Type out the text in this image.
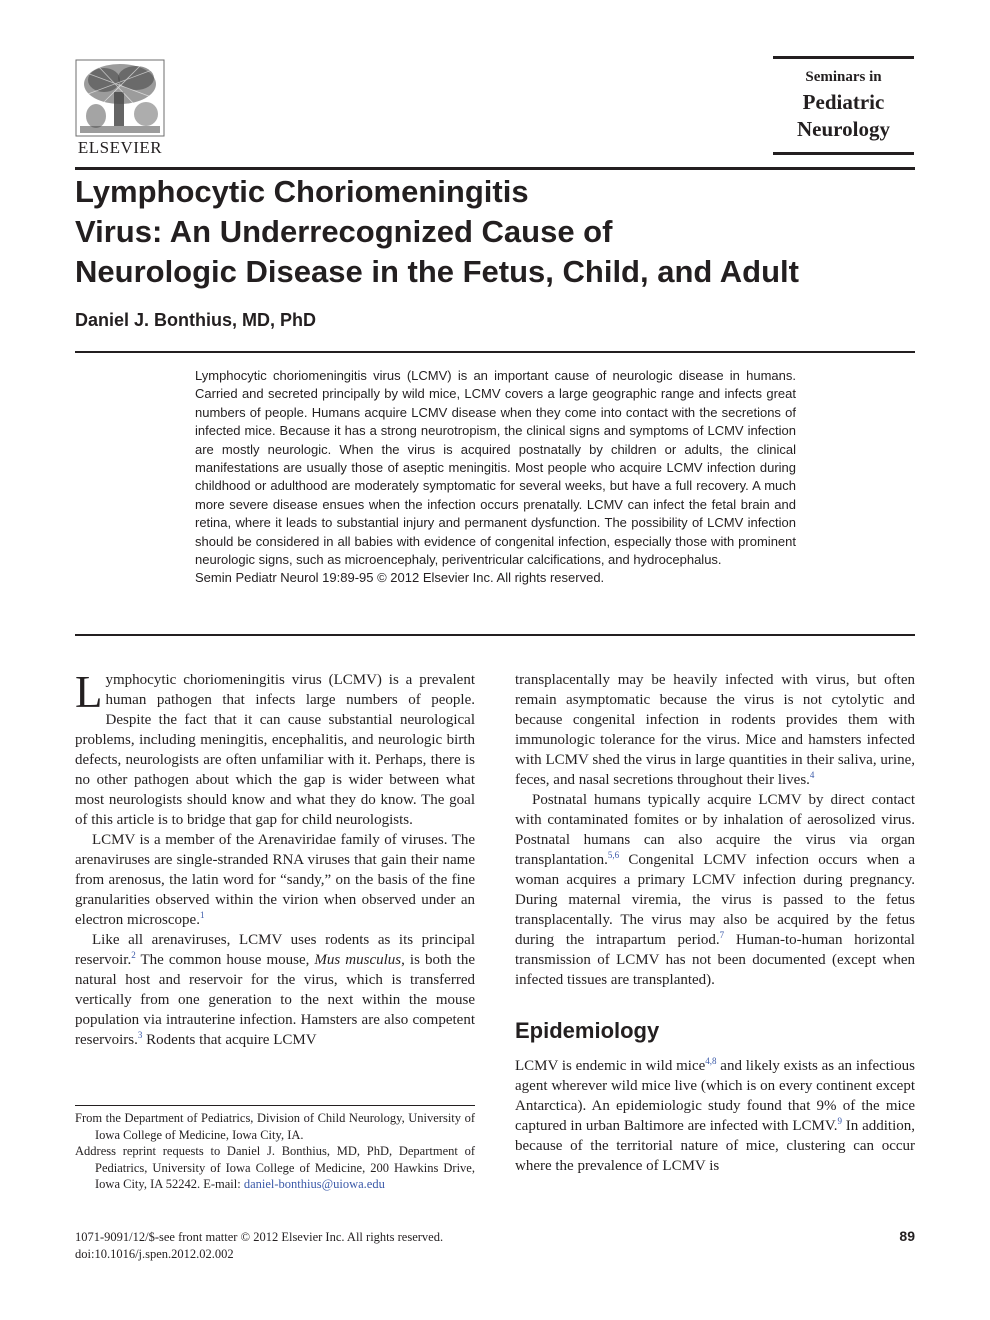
ELSEVIER
Seminars in
Pediatric
Neurology
Lymphocytic Choriomeningitis
Virus: An Underrecognized Cause of
Neurologic Disease in the Fetus, Child, and Adult

Daniel J. Bonthius, MD, PhD

Lymphocytic choriomeningitis virus (LCMV) is an important cause of neurologic disease in humans. Carried and secreted principally by wild mice, LCMV covers a large geographic range and infects great numbers of people. Humans acquire LCMV disease when they come into contact with the secretions of infected mice. Because it has a strong neurotropism, the clinical signs and symptoms of LCMV infection are mostly neurologic. When the virus is acquired postnatally by children or adults, the clinical manifestations are usually those of aseptic meningitis. Most people who acquire LCMV infection during childhood or adulthood are moderately symptomatic for several weeks, but have a full recovery. A much more severe disease ensues when the infection occurs prenatally. LCMV can infect the fetal brain and retina, where it leads to substantial injury and permanent dysfunction. The possibility of LCMV infection should be considered in all babies with evidence of congenital infection, especially those with prominent neurologic signs, such as microencephaly, periventricular calcifications, and hydrocephalus.

Semin Pediatr Neurol 19:89-95 © 2012 Elsevier Inc. All rights reserved.

Lymphocytic choriomeningitis virus (LCMV) is a prevalent human pathogen that infects large numbers of people. Despite the fact that it can cause substantial neurological problems, including meningitis, encephalitis, and neurologic birth defects, neurologists are often unfamiliar with it. Perhaps, there is no other pathogen about which the gap is wider between what most neurologists should know and what they do know. The goal of this article is to bridge that gap for child neurologists.

LCMV is a member of the Arenaviridae family of viruses. The arenaviruses are single-stranded RNA viruses that gain their name from arenosus, the latin word for “sandy,” on the basis of the fine granularities observed within the virion when observed under an electron microscope.$^1$

Like all arenaviruses, LCMV uses rodents as its principal reservoir.$^2$ The common house mouse, Mus musculus, is both the natural host and reservoir for the virus, which is transferred vertically from one generation to the next within the mouse population via intrauterine infection. Hamsters are also competent reservoirs.$^3$ Rodents that acquire LCMV

From the Department of Pediatrics, Division of Child Neurology, University of Iowa College of Medicine, Iowa City, IA.

Address reprint requests to Daniel J. Bonthius, MD, PhD, Department of Pediatrics, University of Iowa College of Medicine, 200 Hawkins Drive, Iowa City, IA 52242. E-mail: daniel-bonthius@uiowa.edu

transplacentally may be heavily infected with virus, but often remain asymptomatic because the virus is not cytolytic and because congenital infection in rodents provides them with immunologic tolerance for the virus. Mice and hamsters infected with LCMV shed the virus in large quantities in their saliva, urine, feces, and nasal secretions throughout their lives.$^4$

Postnatal humans typically acquire LCMV by direct contact with contaminated fomites or by inhalation of aerosolized virus. Postnatal humans can also acquire the virus via organ transplantation.$^{5,6}$ Congenital LCMV infection occurs when a woman acquires a primary LCMV infection during pregnancy. During maternal viremia, the virus is passed to the fetus transplacentally. The virus may also be acquired by the fetus during the intrapartum period.$^7$ Human-to-human horizontal transmission of LCMV has not been documented (except when infected tissues are transplanted).

Epidemiology

LCMV is endemic in wild mice$^{4,8}$ and likely exists as an infectious agent wherever wild mice live (which is on every continent except Antarctica). An epidemiologic study found that 9% of the mice captured in urban Baltimore are infected with LCMV.$^9$ In addition, because of the territorial nature of mice, clustering can occur where the prevalence of LCMV is

1071-9091/12/$-see front matter © 2012 Elsevier Inc. All rights reserved.
doi:10.1016/j.spen.2012.02.002
89
